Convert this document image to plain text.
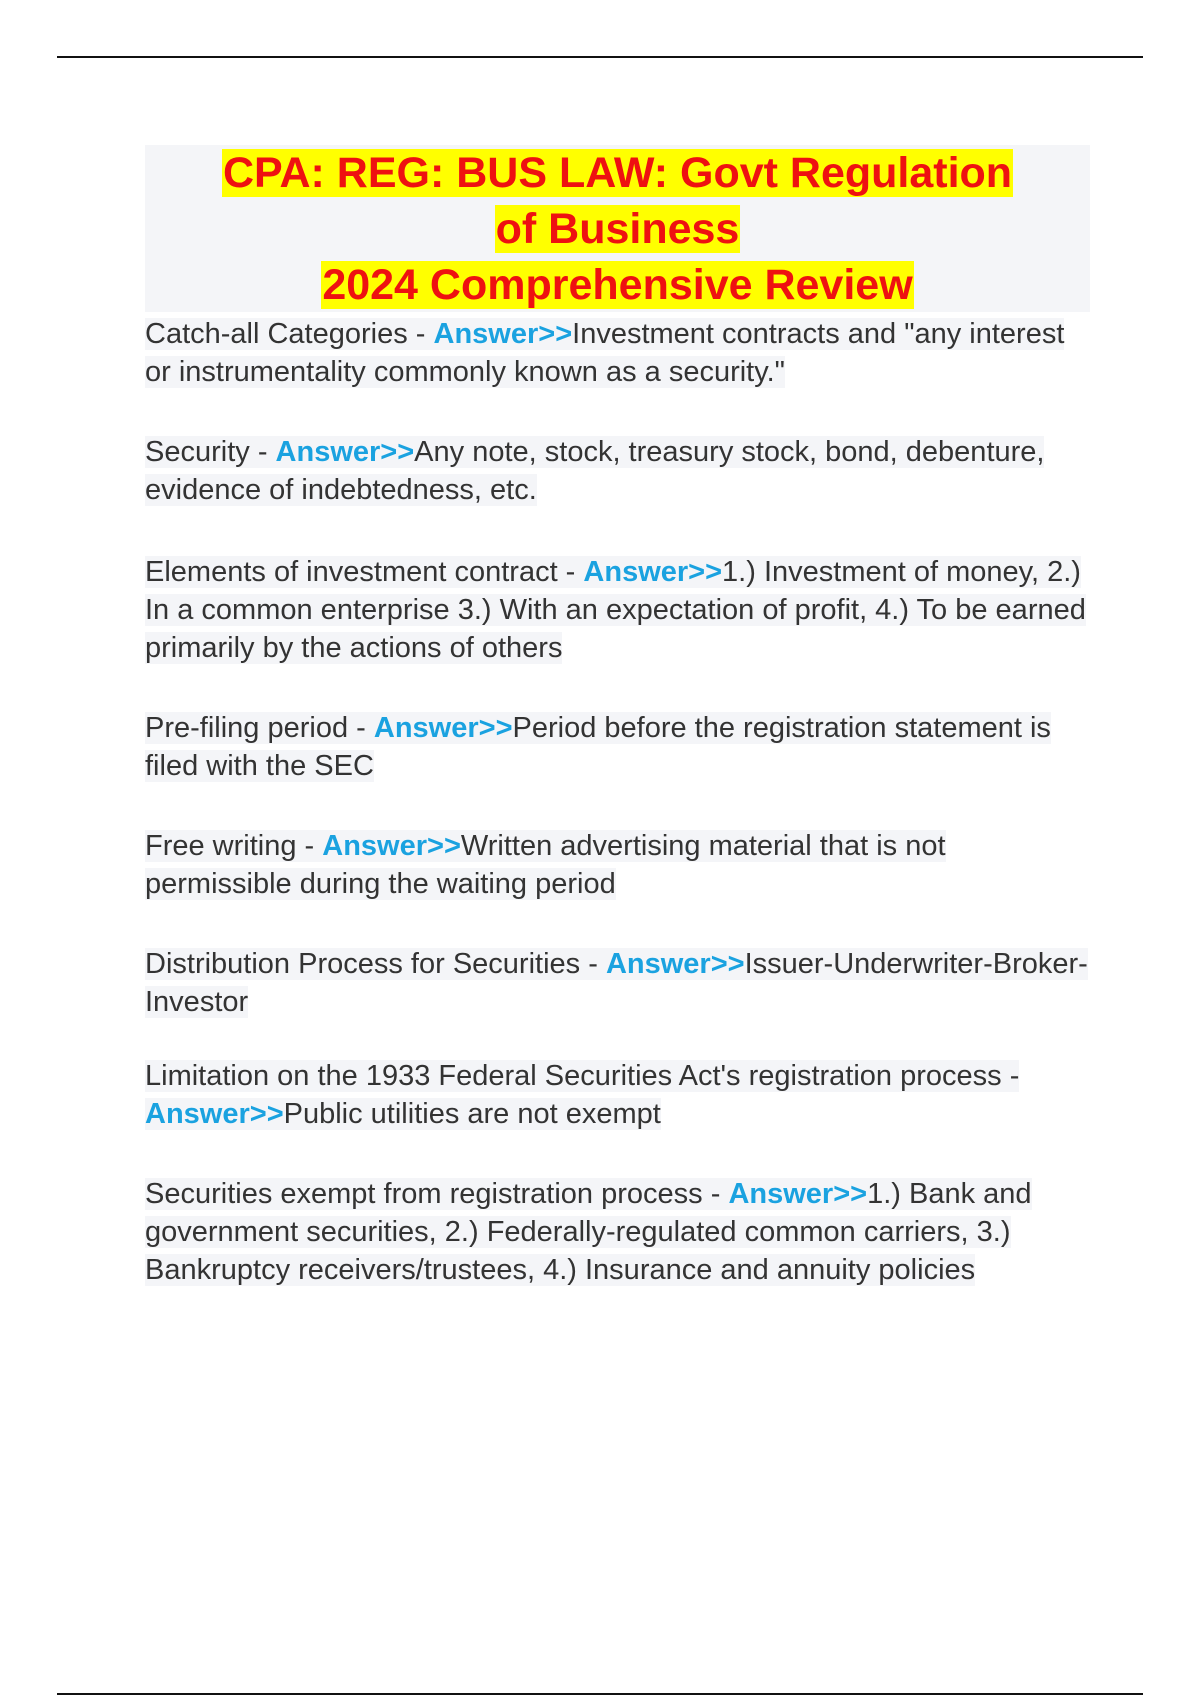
CPA: REG: BUS LAW: Govt Regulation
of Business
2024 Comprehensive Review
Catch-all Categories - Answer>>Investment contracts and "any interest or instrumentality commonly known as a security."
Security - Answer>>Any note, stock, treasury stock, bond, debenture, evidence of indebtedness, etc.
Elements of investment contract - Answer>>1.) Investment of money, 2.) In a common enterprise 3.) With an expectation of profit, 4.) To be earned primarily by the actions of others
Pre-filing period - Answer>>Period before the registration statement is filed with the SEC
Free writing - Answer>>Written advertising material that is not permissible during the waiting period
Distribution Process for Securities - Answer>>Issuer-Underwriter-Broker-Investor
Limitation on the 1933 Federal Securities Act's registration process - Answer>>Public utilities are not exempt
Securities exempt from registration process - Answer>>1.) Bank and government securities, 2.) Federally-regulated common carriers, 3.) Bankruptcy receivers/trustees, 4.) Insurance and annuity policies
